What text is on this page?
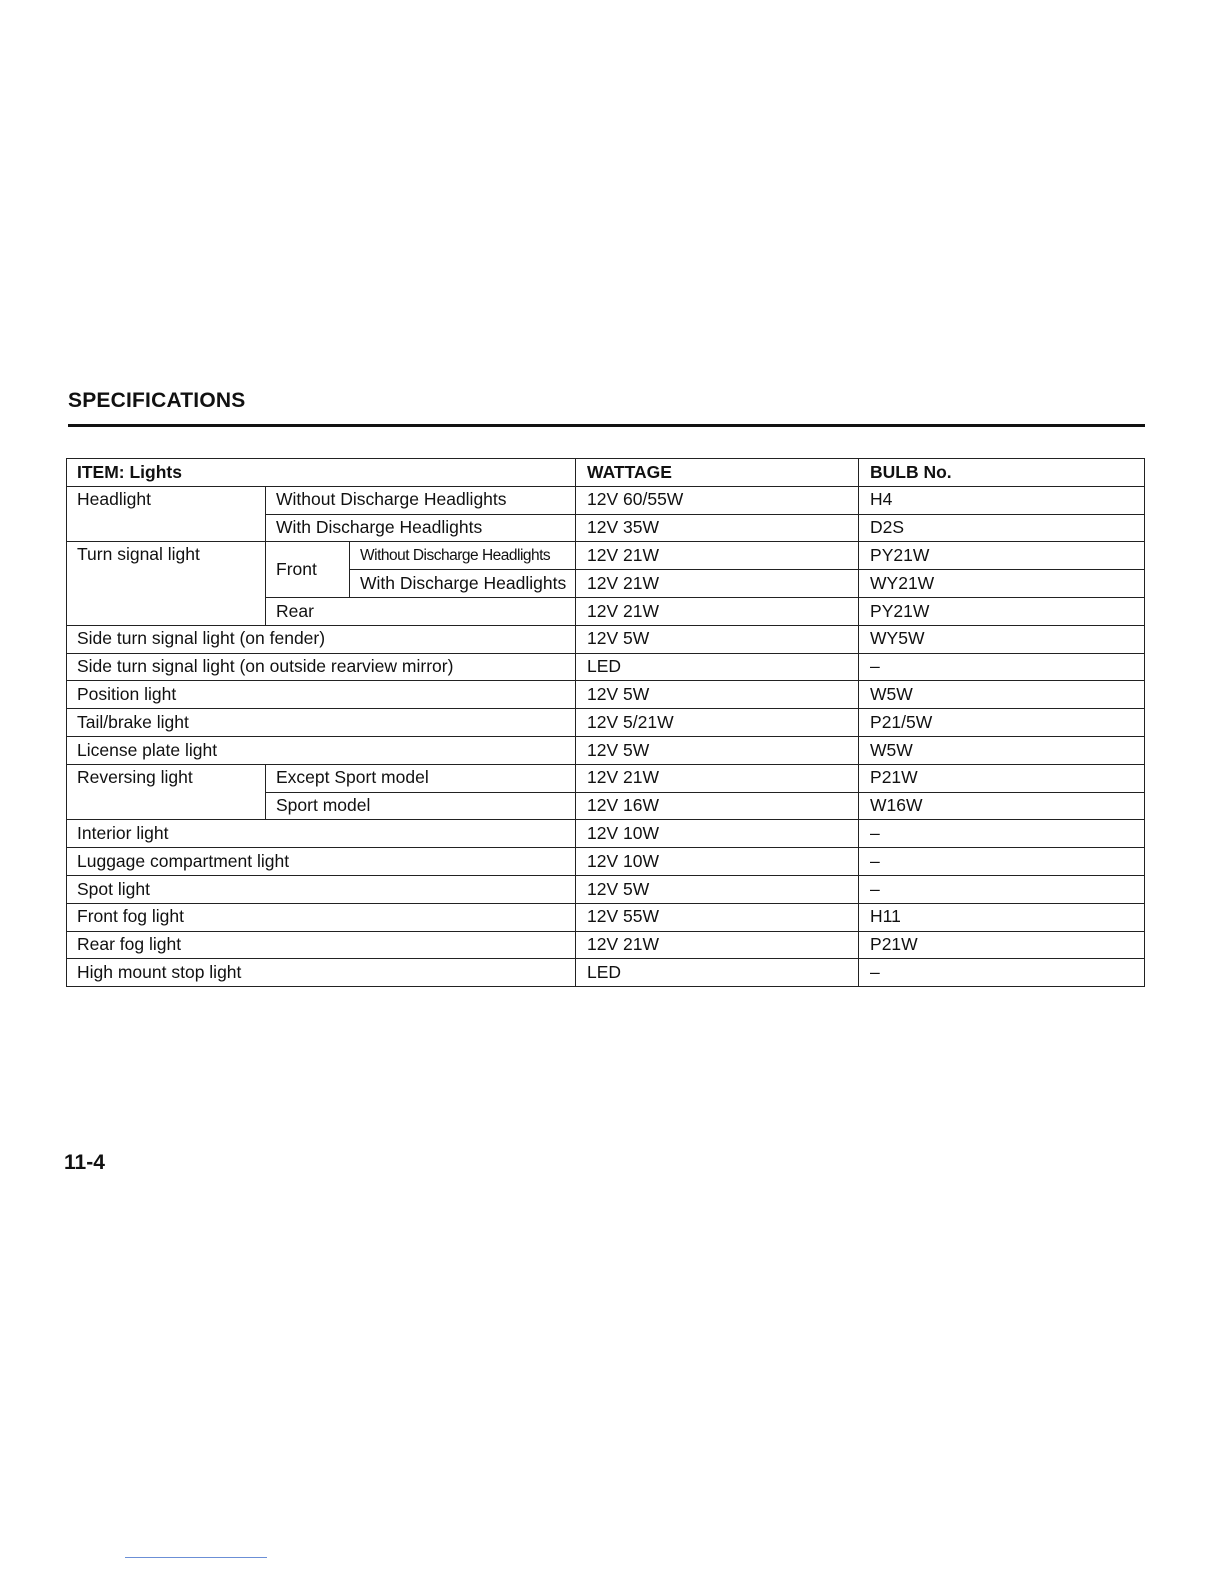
SPECIFICATIONS
ITEM: Lights			WATTAGE	BULB No.
Headlight	Without Discharge Headlights		12V 60/55W	H4
	With Discharge Headlights		12V 35W	D2S
Turn signal light	Front	Without Discharge Headlights	12V 21W	PY21W
		With Discharge Headlights	12V 21W	WY21W
	Rear		12V 21W	PY21W
Side turn signal light (on fender)			12V 5W	WY5W
Side turn signal light (on outside rearview mirror)			LED	–
Position light			12V 5W	W5W
Tail/brake light			12V 5/21W	P21/5W
License plate light			12V 5W	W5W
Reversing light	Except Sport model		12V 21W	P21W
	Sport model		12V 16W	W16W
Interior light			12V 10W	–
Luggage compartment light			12V 10W	–
Spot light			12V 5W	–
Front fog light			12V 55W	H11
Rear fog light			12V 21W	P21W
High mount stop light			LED	–
11-4
